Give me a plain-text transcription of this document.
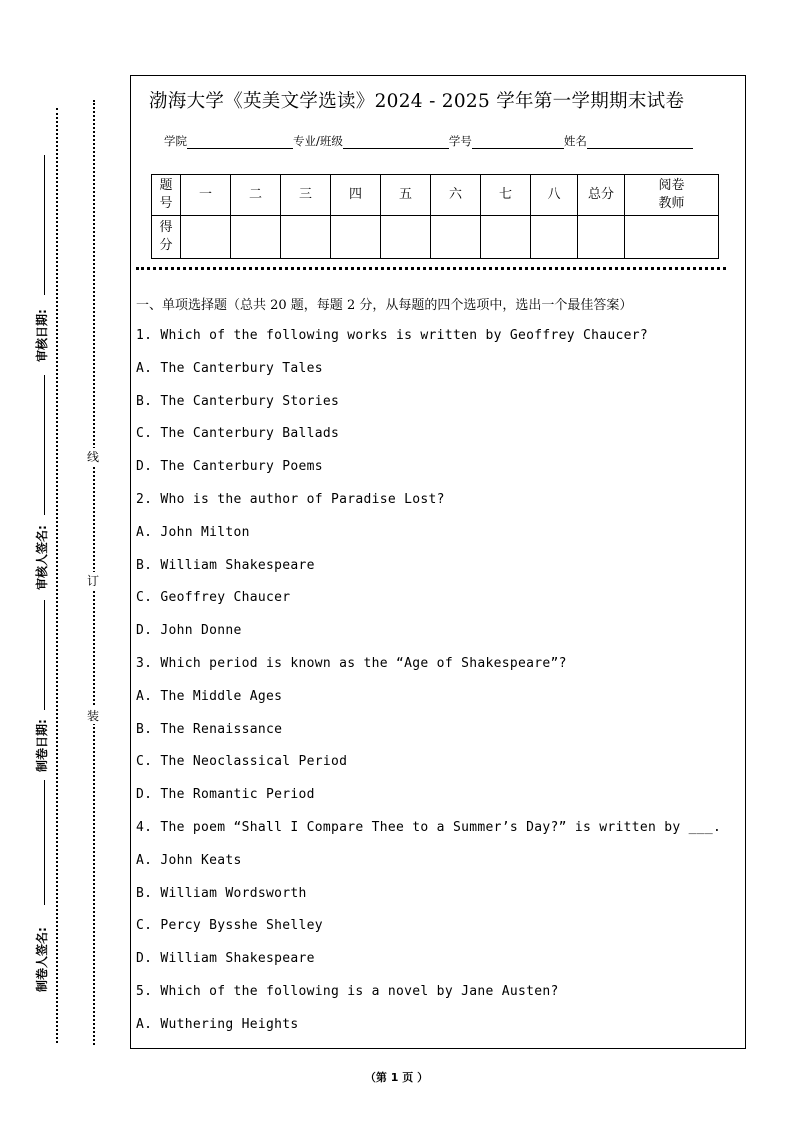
审核日期:
审核人签名:
制卷日期:
制卷人签名:
线
订
装
渤海大学《英美文学选读》2024 - 2025 学年第一学期期末试卷
学院	专业/班级	学号	姓名
题
号	一	二	三	四	五	六	七	八	总分	阅卷
教师
得
分										
一、单项选择题（总共 20 题，每题 2 分，从每题的四个选项中，选出一个最佳答案）
1. Which of the following works is written by Geoffrey Chaucer?
A. The Canterbury Tales
B. The Canterbury Stories
C. The Canterbury Ballads
D. The Canterbury Poems
2. Who is the author of Paradise Lost?
A. John Milton
B. William Shakespeare
C. Geoffrey Chaucer
D. John Donne
3. Which period is known as the “Age of Shakespeare”?
A. The Middle Ages
B. The Renaissance
C. The Neoclassical Period
D. The Romantic Period
4. The poem “Shall I Compare Thee to a Summer’s Day?” is written by ___.
A. John Keats
B. William Wordsworth
C. Percy Bysshe Shelley
D. William Shakespeare
5. Which of the following is a novel by Jane Austen?
A. Wuthering Heights
（第 1 页 ）
